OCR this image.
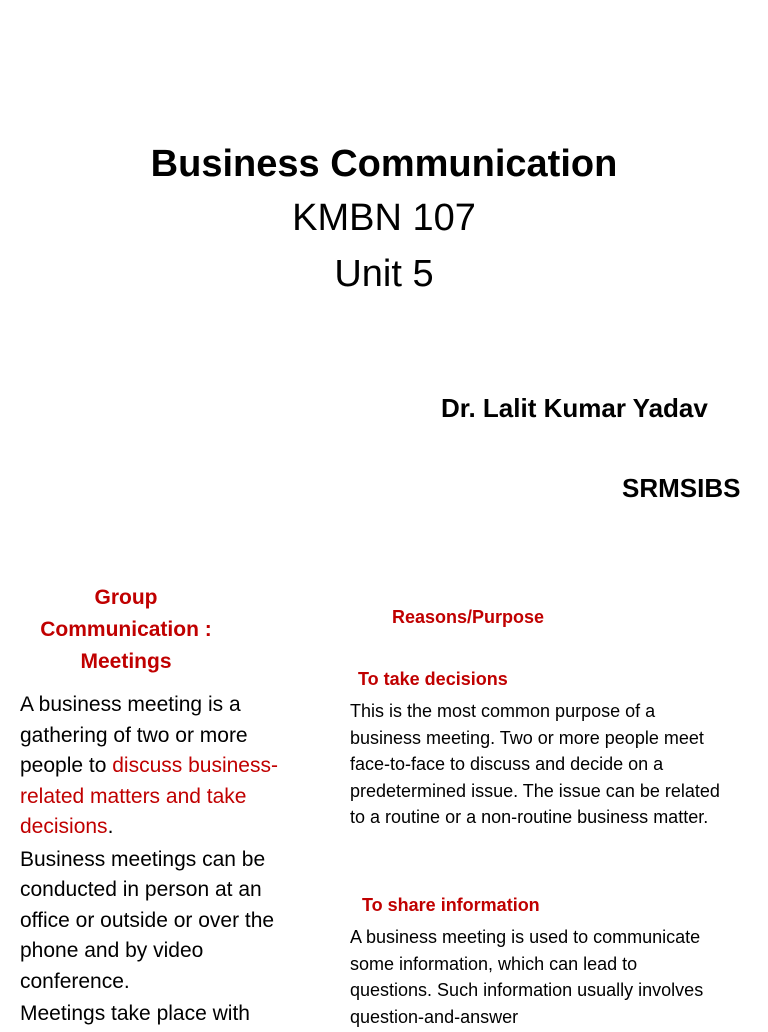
Business Communication
KMBN 107
Unit 5
Dr. Lalit Kumar Yadav
SRMSIBS
Group
Communication :
Meetings

A business meeting is a gathering of two or more people to discuss business-related matters and take decisions.

Business meetings can be conducted in person at an office or outside or over the phone and by video conference.

Meetings take place with

Reasons/Purpose
To take decisions
This is the most common purpose of a business meeting. Two or more people meet face-to-face to discuss and decide on a predetermined issue. The issue can be related to a routine or a non-routine business matter.
To share information
A business meeting is used to communicate some information, which can lead to questions. Such information usually involves question-and-answer
